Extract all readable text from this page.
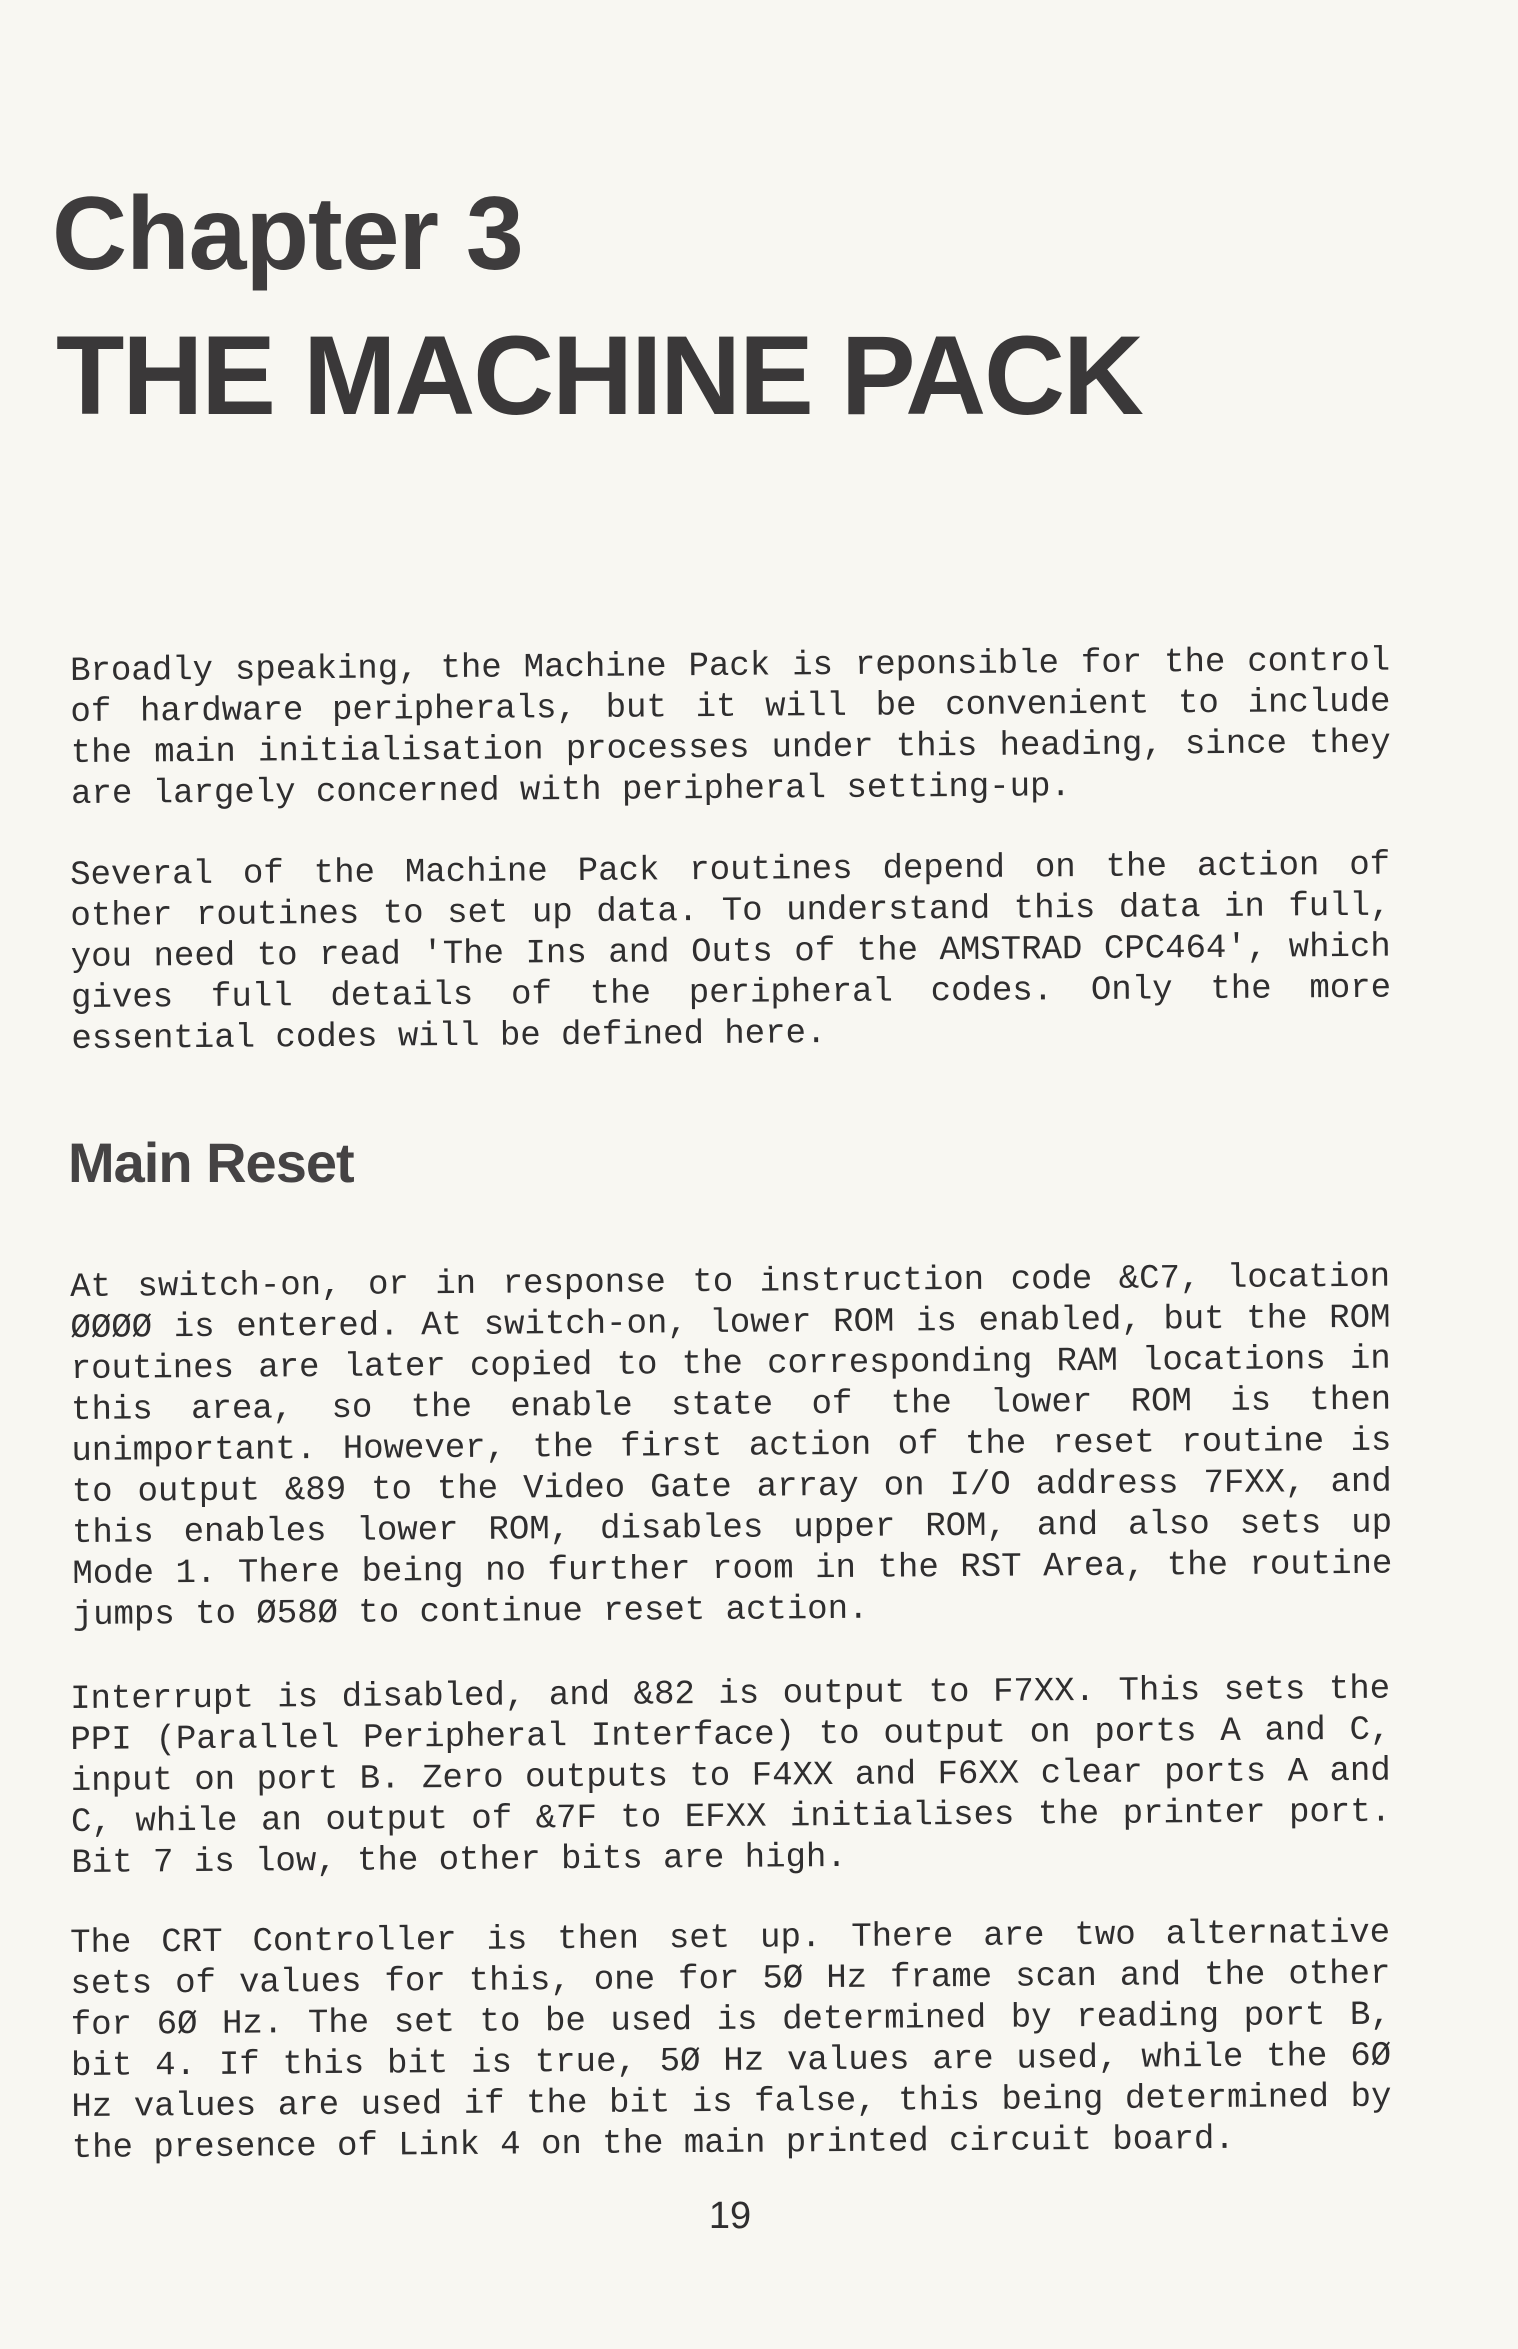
Chapter 3
THE MACHINE PACK
Broadly speaking, the Machine Pack is reponsible for the control
of hardware peripherals, but it will be convenient to include
the main initialisation processes under this heading, since they
are largely concerned with peripheral setting-up.
Several of the Machine Pack routines depend on the action of
other routines to set up data. To understand this data in full,
you need to read 'The Ins and Outs of the AMSTRAD CPC464', which
gives full details of the peripheral codes. Only the more
essential codes will be defined here.
Main Reset
At switch-on, or in response to instruction code &C7, location
ØØØØ is entered. At switch-on, lower ROM is enabled, but the ROM
routines are later copied to the corresponding RAM locations in
this area, so the enable state of the lower ROM is then
unimportant. However, the first action of the reset routine is
to output &89 to the Video Gate array on I/O address 7FXX, and
this enables lower ROM, disables upper ROM, and also sets up
Mode 1. There being no further room in the RST Area, the routine
jumps to Ø58Ø to continue reset action.
Interrupt is disabled, and &82 is output to F7XX. This sets the
PPI (Parallel Peripheral Interface) to output on ports A and C,
input on port B. Zero outputs to F4XX and F6XX clear ports A and
C, while an output of &7F to EFXX initialises the printer port.
Bit 7 is low, the other bits are high.
The CRT Controller is then set up. There are two alternative
sets of values for this, one for 5Ø Hz frame scan and the other
for 6Ø Hz. The set to be used is determined by reading port B,
bit 4. If this bit is true, 5Ø Hz values are used, while the 6Ø
Hz values are used if the bit is false, this being determined by
the presence of Link 4 on the main printed circuit board.
19
